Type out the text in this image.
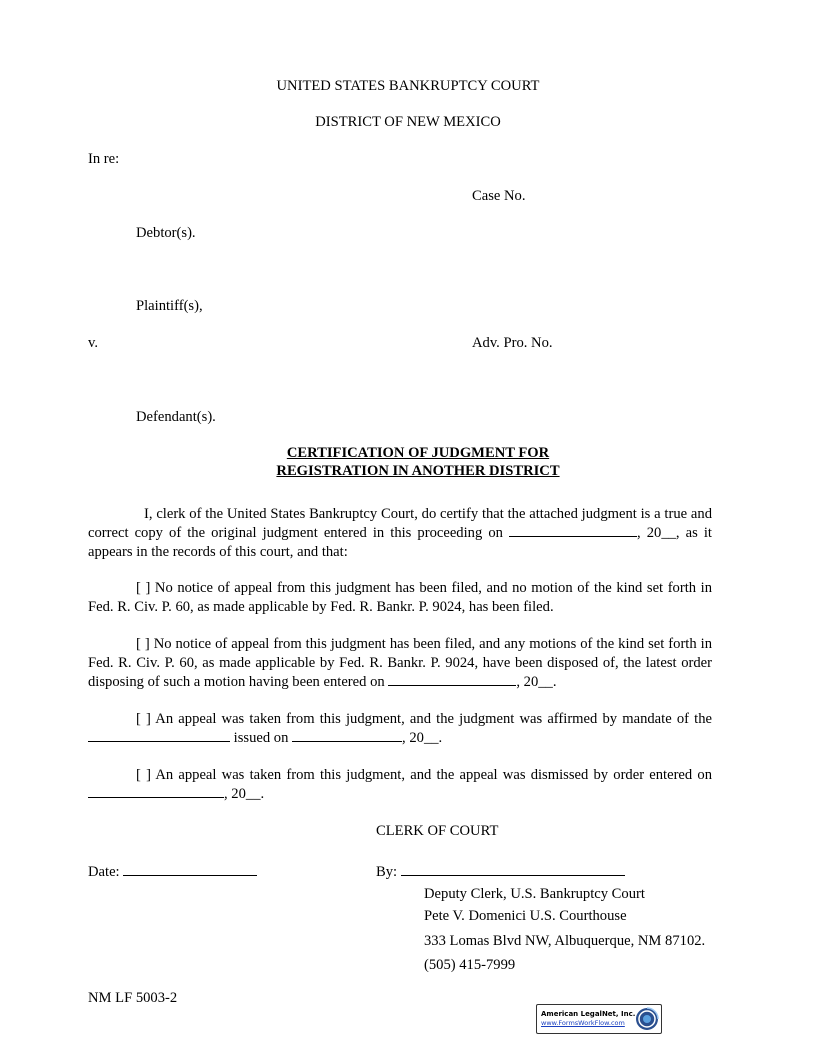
UNITED STATES BANKRUPTCY COURT
DISTRICT OF NEW MEXICO
In re:
Case No.
Debtor(s).
Plaintiff(s),
v.	Adv. Pro. No.
Defendant(s).
CERTIFICATION OF JUDGMENT FOR
REGISTRATION IN ANOTHER DISTRICT
I, clerk of the United States Bankruptcy Court, do certify that the attached judgment is a true and correct copy of the original judgment entered in this proceeding on	, 20__, as it appears in the records of this court, and that:
[ ] No notice of appeal from this judgment has been filed, and no motion of the kind set forth in Fed. R. Civ. P. 60, as made applicable by Fed. R. Bankr. P. 9024, has been filed.
[ ] No notice of appeal from this judgment has been filed, and any motions of the kind set forth in Fed. R. Civ. P. 60, as made applicable by Fed. R. Bankr. P. 9024, have been disposed of, the latest order disposing of such a motion having been entered on	, 20__.
[ ] An appeal was taken from this judgment, and the judgment was affirmed by mandate of the  issued on	, 20__.
[ ] An appeal was taken from this judgment, and the appeal was dismissed by order entered on , 20__.
CLERK OF COURT
Date:	By:
Deputy Clerk, U.S. Bankruptcy Court
Pete V. Domenici U.S. Courthouse
333 Lomas Blvd NW, Albuquerque, NM 87102.
(505) 415-7999
NM LF 5003-2
American LegalNet, Inc.
www.FormsWorkFlow.com
